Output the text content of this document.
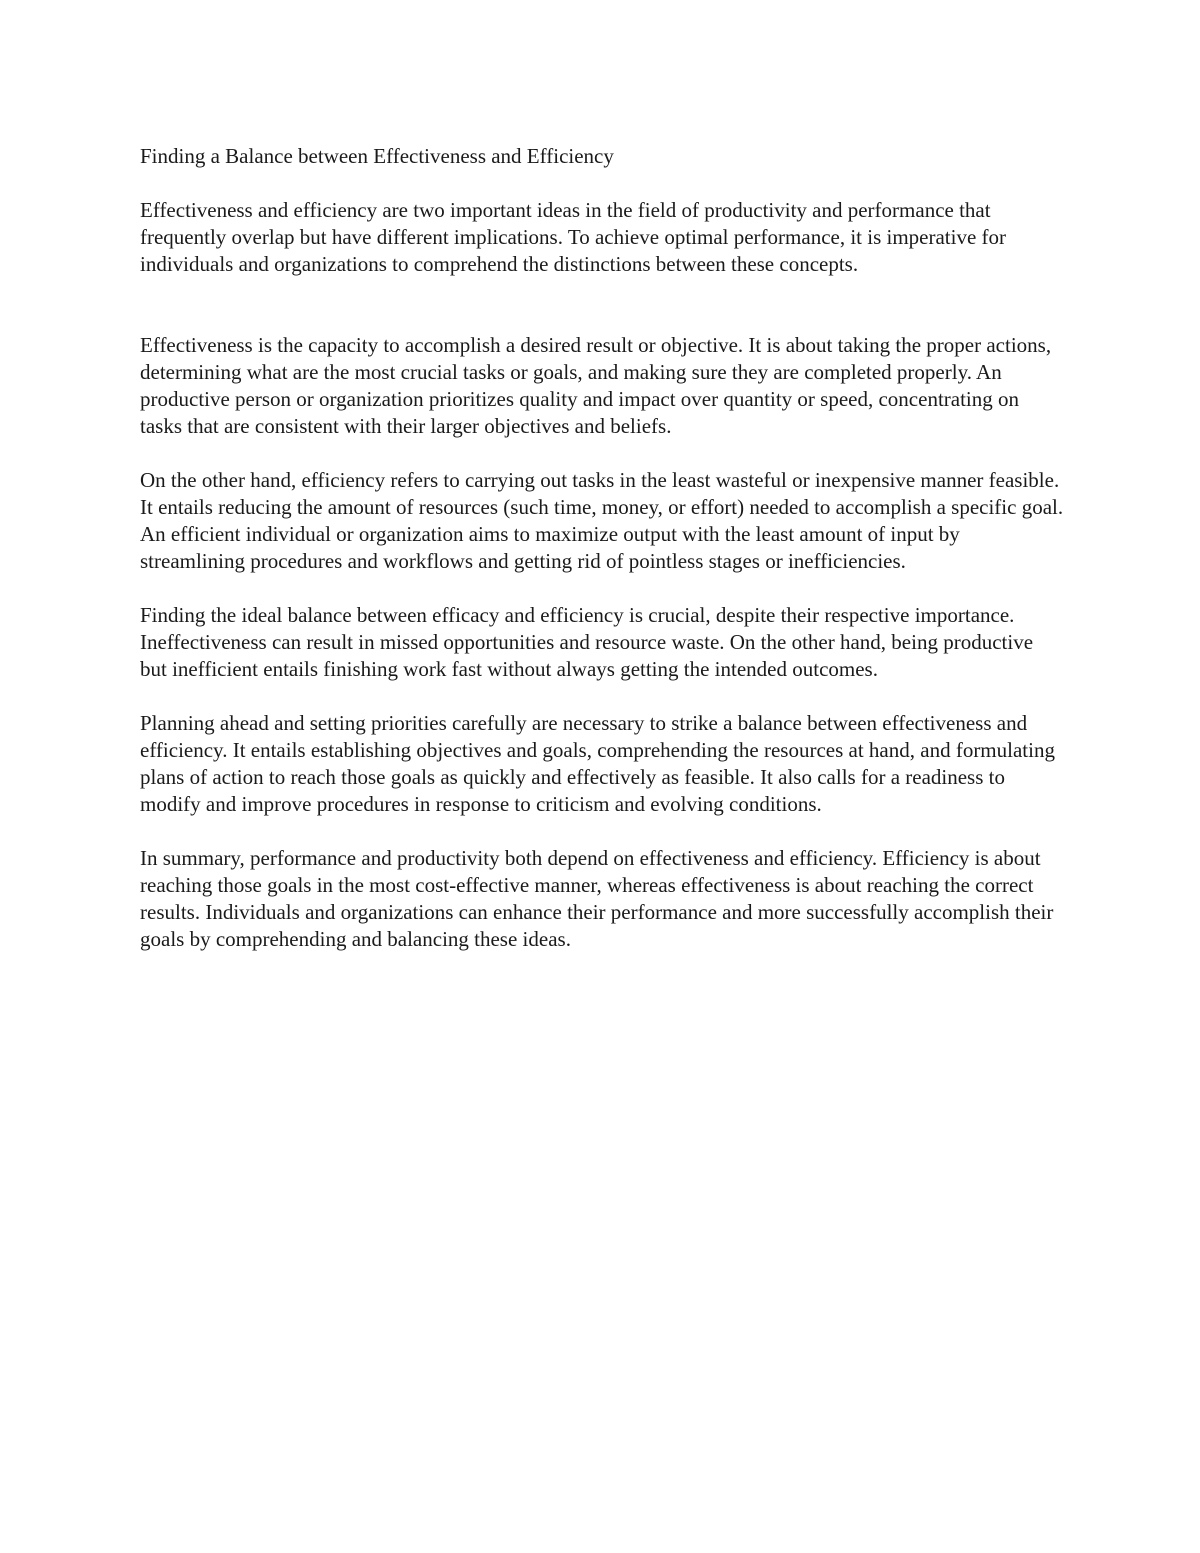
Finding a Balance between Effectiveness and Efficiency

Effectiveness and efficiency are two important ideas in the field of productivity and performance that frequently overlap but have different implications. To achieve optimal performance, it is imperative for individuals and organizations to comprehend the distinctions between these concepts.

Effectiveness is the capacity to accomplish a desired result or objective. It is about taking the proper actions, determining what are the most crucial tasks or goals, and making sure they are completed properly. An productive person or organization prioritizes quality and impact over quantity or speed, concentrating on tasks that are consistent with their larger objectives and beliefs.

On the other hand, efficiency refers to carrying out tasks in the least wasteful or inexpensive manner feasible. It entails reducing the amount of resources (such time, money, or effort) needed to accomplish a specific goal. An efficient individual or organization aims to maximize output with the least amount of input by streamlining procedures and workflows and getting rid of pointless stages or inefficiencies.

Finding the ideal balance between efficacy and efficiency is crucial, despite their respective importance. Ineffectiveness can result in missed opportunities and resource waste. On the other hand, being productive but inefficient entails finishing work fast without always getting the intended outcomes.

Planning ahead and setting priorities carefully are necessary to strike a balance between effectiveness and efficiency. It entails establishing objectives and goals, comprehending the resources at hand, and formulating plans of action to reach those goals as quickly and effectively as feasible. It also calls for a readiness to modify and improve procedures in response to criticism and evolving conditions.

In summary, performance and productivity both depend on effectiveness and efficiency. Efficiency is about reaching those goals in the most cost-effective manner, whereas effectiveness is about reaching the correct results. Individuals and organizations can enhance their performance and more successfully accomplish their goals by comprehending and balancing these ideas.
